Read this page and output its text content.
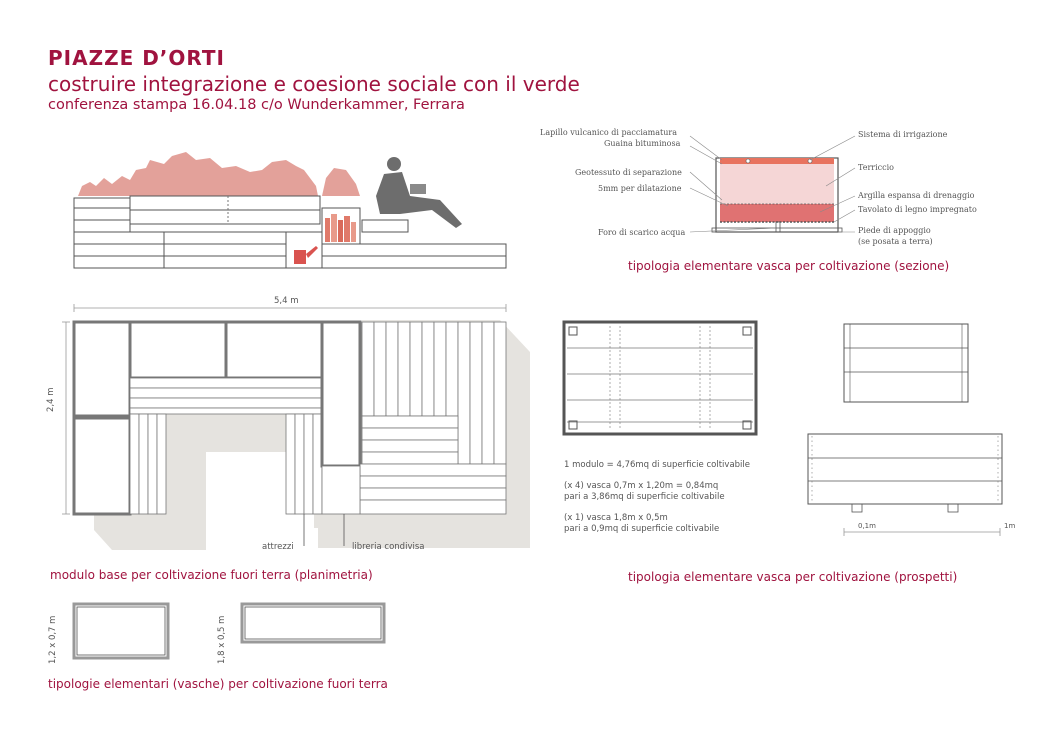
PIAZZE D’ORTI
costruire integrazione e coesione sociale con il verde
conferenza stampa 16.04.18 c/o Wunderkammer, Ferrara
Lapillo vulcanico di pacciamatura
Guaina bituminosa
Geotessuto di separazione
5mm per dilatazione
Foro di scarico acqua
Sistema di irrigazione
Terriccio
Argilla espansa di drenaggio
Tavolato di legno impregnato
Piede di appoggio
(se posata a terra)
tipologia elementare vasca per coltivazione (sezione)
5,4 m
2,4 m
attrezzi	libreria condivisa
modulo base per coltivazione fuori terra (planimetria)
1 modulo = 4,76mq di superficie coltivabile
(x 4) vasca 0,7m x 1,20m = 0,84mq
pari a 3,86mq di superficie coltivabile
(x 1) vasca 1,8m x 0,5m
pari a 0,9mq di superficie coltivabile	0,1m	1m
tipologia elementare vasca per coltivazione (prospetti)
1,2 x 0,7 m	1,8 x 0,5 m
tipologie elementari (vasche) per coltivazione fuori terra
